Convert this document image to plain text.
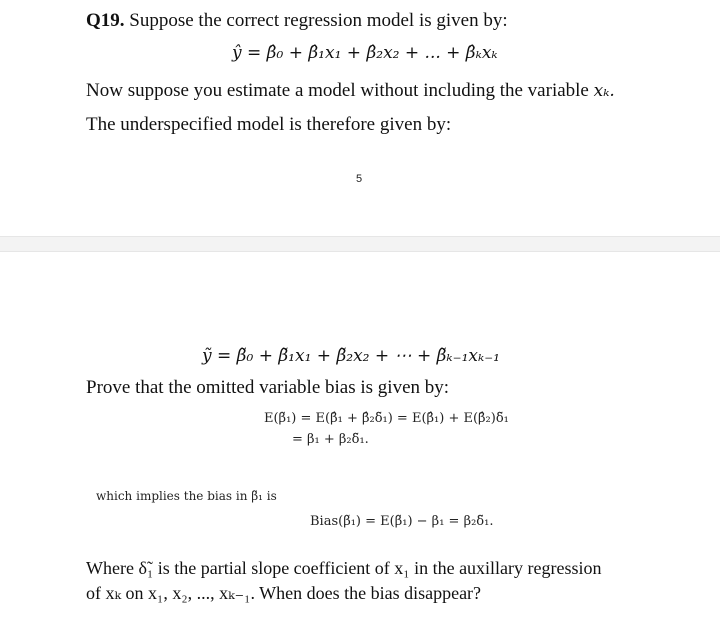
Q19. Suppose the correct regression model is given by:
ŷ = β̂₀ + β̂₁x₁ + β̂₂x₂ + ... + β̂ₖxₖ
Now suppose you estimate a model without including the variable xₖ.
The underspecified model is therefore given by:
5
ỹ = β̃₀ + β̃₁x₁ + β̃₂x₂ + ⋯ + β̃ₖ₋₁xₖ₋₁
Prove that the omitted variable bias is given by:
E(β̃₁) = E(β̂₁ + β̂₂δ̃₁) = E(β̂₁) + E(β̂₂)δ̃₁
= β₁ + β₂δ̃₁.
which implies the bias in β̃₁ is
Bias(β̃₁) = E(β̃₁) − β₁ = β₂δ̃₁.
Where δ̃₁ is the partial slope coefficient of x₁ in the auxillary regression
of xₖ on x₁, x₂, ..., xₖ₋₁. When does the bias disappear?
